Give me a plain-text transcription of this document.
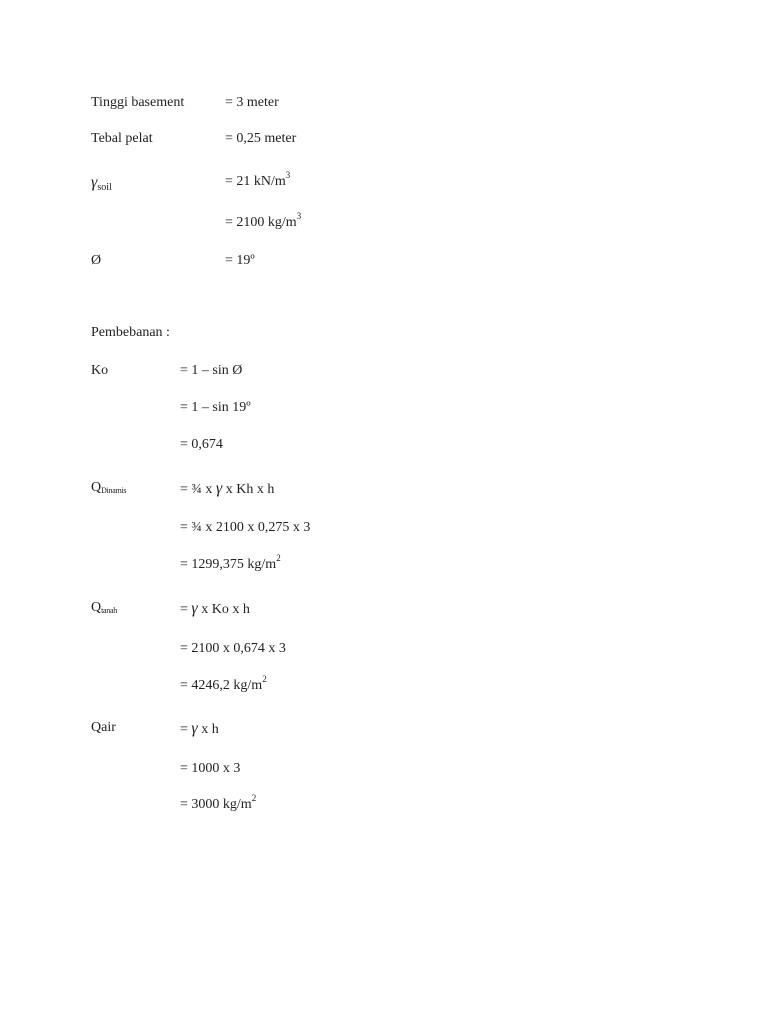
Tinggi basement	= 3 meter
Tebal pelat	= 0,25 meter
$\gamma_{soil}$	= 21 $kN/m^3$
= 2100 $kg/m^3$
Ø	= 19º
Pembebanan :
Ko	= 1 – sin Ø
= 1 – sin 19º
= 0,674
QDinamis	= ¾ x γ x Kh x h
= ¾ x 2100 x 0,275 x 3
= 1299,375 $kg/m^2$
Qtanah	= γ x Ko x h
= 2100 x 0,674 x 3
= 4246,2 $kg/m^2$
Qair	= γ x h
= 1000 x 3
= 3000 $kg/m^2$
